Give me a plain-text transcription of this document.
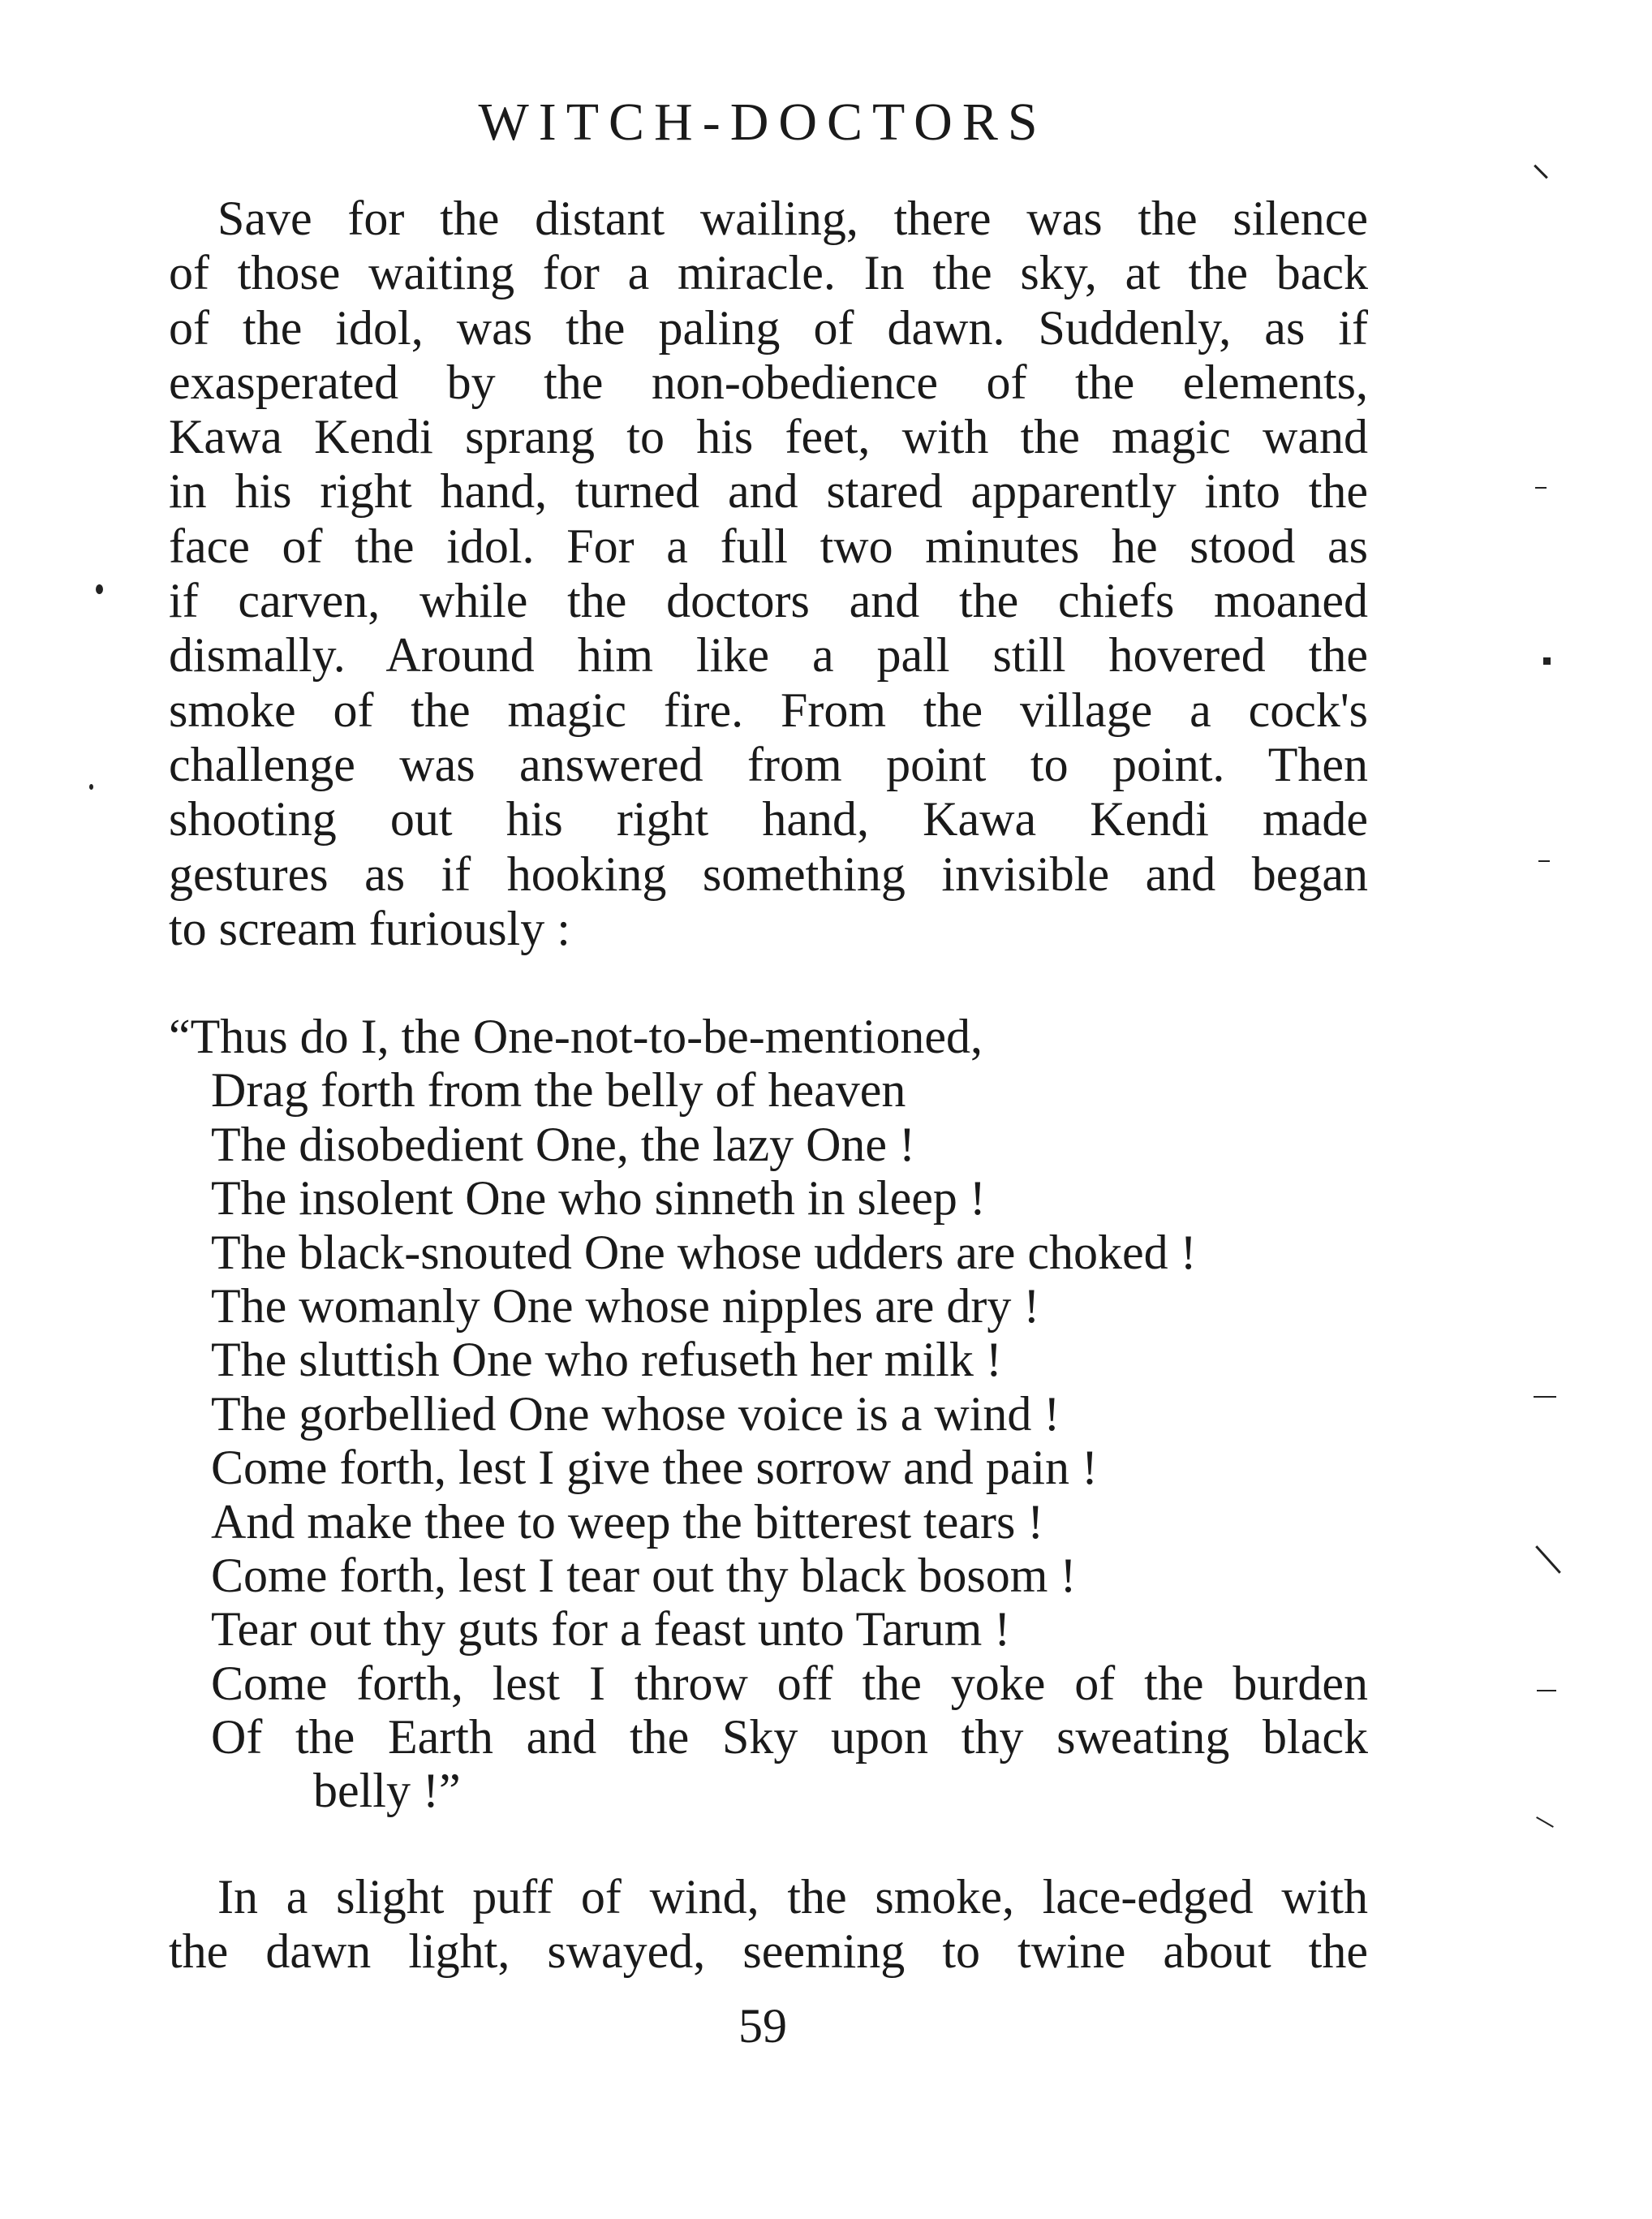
WITCH-DOCTORS
Save for the distant wailing, there was the silence
of those waiting for a miracle. In the sky, at the back
of the idol, was the paling of dawn. Suddenly, as if
exasperated by the non-obedience of the elements,
Kawa Kendi sprang to his feet, with the magic wand
in his right hand, turned and stared apparently into the
face of the idol. For a full two minutes he stood as
if carven, while the doctors and the chiefs moaned
dismally. Around him like a pall still hovered the
smoke of the magic fire. From the village a cock's
challenge was answered from point to point. Then
shooting out his right hand, Kawa Kendi made
gestures as if hooking something invisible and began
to scream furiously :
“Thus do I, the One-not-to-be-mentioned,
Drag forth from the belly of heaven
The disobedient One, the lazy One !
The insolent One who sinneth in sleep !
The black-snouted One whose udders are choked !
The womanly One whose nipples are dry !
The sluttish One who refuseth her milk !
The gorbellied One whose voice is a wind !
Come forth, lest I give thee sorrow and pain !
And make thee to weep the bitterest tears !
Come forth, lest I tear out thy black bosom !
Tear out thy guts for a feast unto Tarum !
Come forth, lest I throw off the yoke of the burden
Of the Earth and the Sky upon thy sweating black
belly !”
In a slight puff of wind, the smoke, lace-edged with
the dawn light, swayed, seeming to twine about the
59
